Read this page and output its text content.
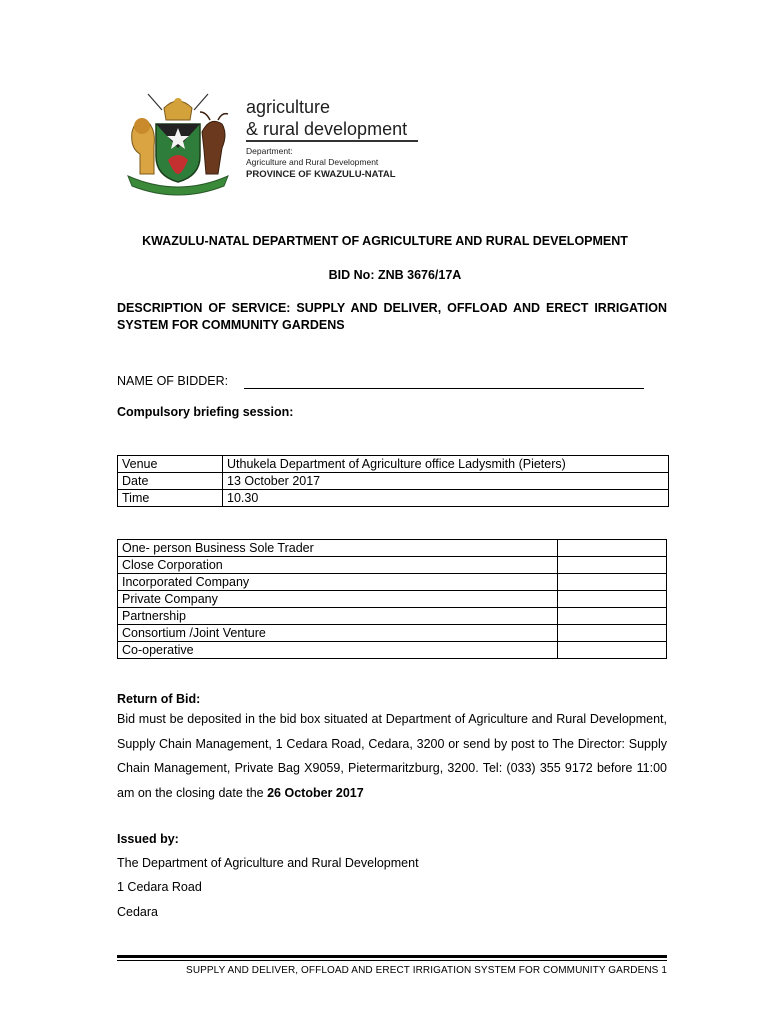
agriculture
& rural development
Department:
Agriculture and Rural Development
PROVINCE OF KWAZULU-NATAL
KWAZULU-NATAL DEPARTMENT OF AGRICULTURE AND RURAL DEVELOPMENT
BID No: ZNB 3676/17A
DESCRIPTION OF SERVICE: SUPPLY AND DELIVER, OFFLOAD AND ERECT IRRIGATION SYSTEM FOR COMMUNITY GARDENS
NAME OF BIDDER:
Compulsory briefing session:
Venue	Uthukela Department of Agriculture office Ladysmith (Pieters)
Date	13 October 2017
Time	10.30
One- person Business Sole Trader	
Close Corporation	
Incorporated Company	
Private Company	
Partnership	
Consortium /Joint Venture	
Co-operative	
Return of Bid:
Bid must be deposited in the bid box situated at Department of Agriculture and Rural Development, Supply Chain Management, 1 Cedara Road, Cedara, 3200 or send by post to The Director: Supply Chain Management, Private Bag X9059, Pietermaritzburg, 3200. Tel: (033) 355 9172 before 11:00 am on the closing date the 26 October 2017
Issued by:
The Department of Agriculture and Rural Development
1 Cedara Road
Cedara
SUPPLY AND DELIVER, OFFLOAD AND ERECT IRRIGATION SYSTEM FOR COMMUNITY GARDENS 1
